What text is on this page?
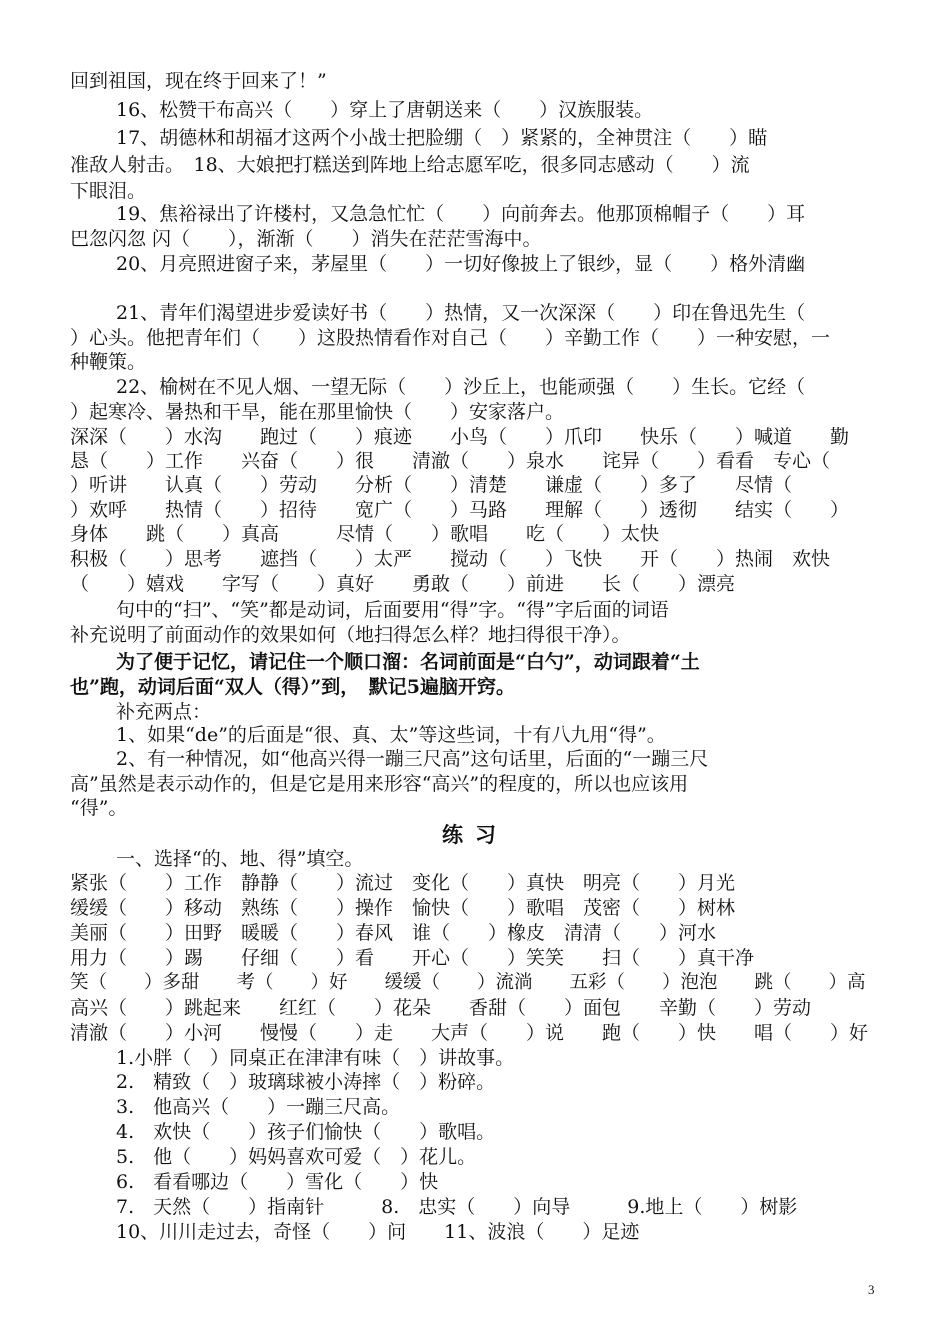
回到祖国，现在终于回来了！”
16、松赞干布高兴（　　）穿上了唐朝送来（　　）汉族服装。
17、胡德林和胡福才这两个小战士把脸绷（　）紧紧的，全神贯注（　　）瞄
准敌人射击。　18、大娘把打糕送到阵地上给志愿军吃，很多同志感动（　　）流
下眼泪。
19、焦裕禄出了许楼村，又急急忙忙（　　）向前奔去。他那顶棉帽子（　　）耳
巴忽闪忽 闪（　　），渐渐（　　）消失在茫茫雪海中。
20、月亮照进窗子来，茅屋里（　　）一切好像披上了银纱，显（　　）格外清幽
21、青年们渴望进步爱读好书（　　）热情，又一次深深（　　）印在鲁迅先生（
）心头。他把青年们（　　）这股热情看作对自己（　　）辛勤工作（　　）一种安慰，一
种鞭策。
22、榆树在不见人烟、一望无际（　　）沙丘上，也能顽强（　　）生长。它经（
）起寒冷、暑热和干旱，能在那里愉快（　　）安家落户。
深深（　　）水沟　　跑过（　　）痕迹　　小鸟（　　）爪印　　快乐（　　）喊道　　勤
恳（　　）工作　　兴奋（　　）很　　清澈（　　）泉水　　诧异（　　）看看　专心（
）听讲　　认真（　　）劳动　　分析（　　）清楚　　谦虚（　　）多了　　尽情（
）欢呼　　热情（　　）招待　　宽广（　　）马路　　理解（　　）透彻　　结实（　　）
身体　　跳（　　）真高　　　尽情（　　）歌唱　　吃（　　）太快
积极（　　）思考　　遮挡（　　）太严　　搅动（　　）飞快　　开（　　）热闹　欢快
（　　）嬉戏　　字写（　　）真好　　勇敢（　　）前进　　长（　　）漂亮
句中的“扫”、“笑”都是动词，后面要用“得”字。“得”字后面的词语
补充说明了前面动作的效果如何（地扫得怎么样？地扫得很干净）。
为了便于记忆，请记住一个顺口溜：名词前面是“白勺”，动词跟着“土
也”跑，动词后面“双人（得）”到，　默记5遍脑开窍。
补充两点：
1、如果“de”的后面是“很、真、太”等这些词，十有八九用“得”。
2、有一种情况，如“他高兴得一蹦三尺高”这句话里，后面的“一蹦三尺
高”虽然是表示动作的，但是它是用来形容“高兴”的程度的，所以也应该用
“得”。
练习
一、选择“的、地、得”填空。
紧张（　　）工作　静静（　　）流过　变化（　　）真快　明亮（　　）月光
缓缓（　　）移动　熟练（　　）操作　愉快（　　）歌唱　茂密（　　）树林
美丽（　　）田野　暖暖（　　）春风　谁（　　）橡皮　清清（　　）河水
用力（　　）踢　　仔细（　　）看　　开心（　　）笑笑　　扫（　　）真干净
笑（　　）多甜　　考（　　）好　　缓缓（　　）流淌　　五彩（　　）泡泡　　跳（　　）高
高兴（　　）跳起来　　红红（　　）花朵　　香甜（　　）面包　　辛勤（　　）劳动
清澈（　　）小河　　慢慢（　　）走　　大声（　　）说　　跑（　　）快　　唱（　　）好
1.小胖（　）同桌正在津津有味（　）讲故事。
2.　精致（　）玻璃球被小涛摔（　）粉碎。
3.　他高兴（　　）一蹦三尺高。
4.　欢快（　　）孩子们愉快（　　）歌唱。
5.　他（　　）妈妈喜欢可爱（　）花儿。
6.　看看哪边（　　）雪化（　　）快
7.　天然（　　）指南针　　　8.　忠实（　　）向导　　　9.地上（　　）树影
10、川川走过去，奇怪（　　）问　　11、波浪（　　）足迹
3
